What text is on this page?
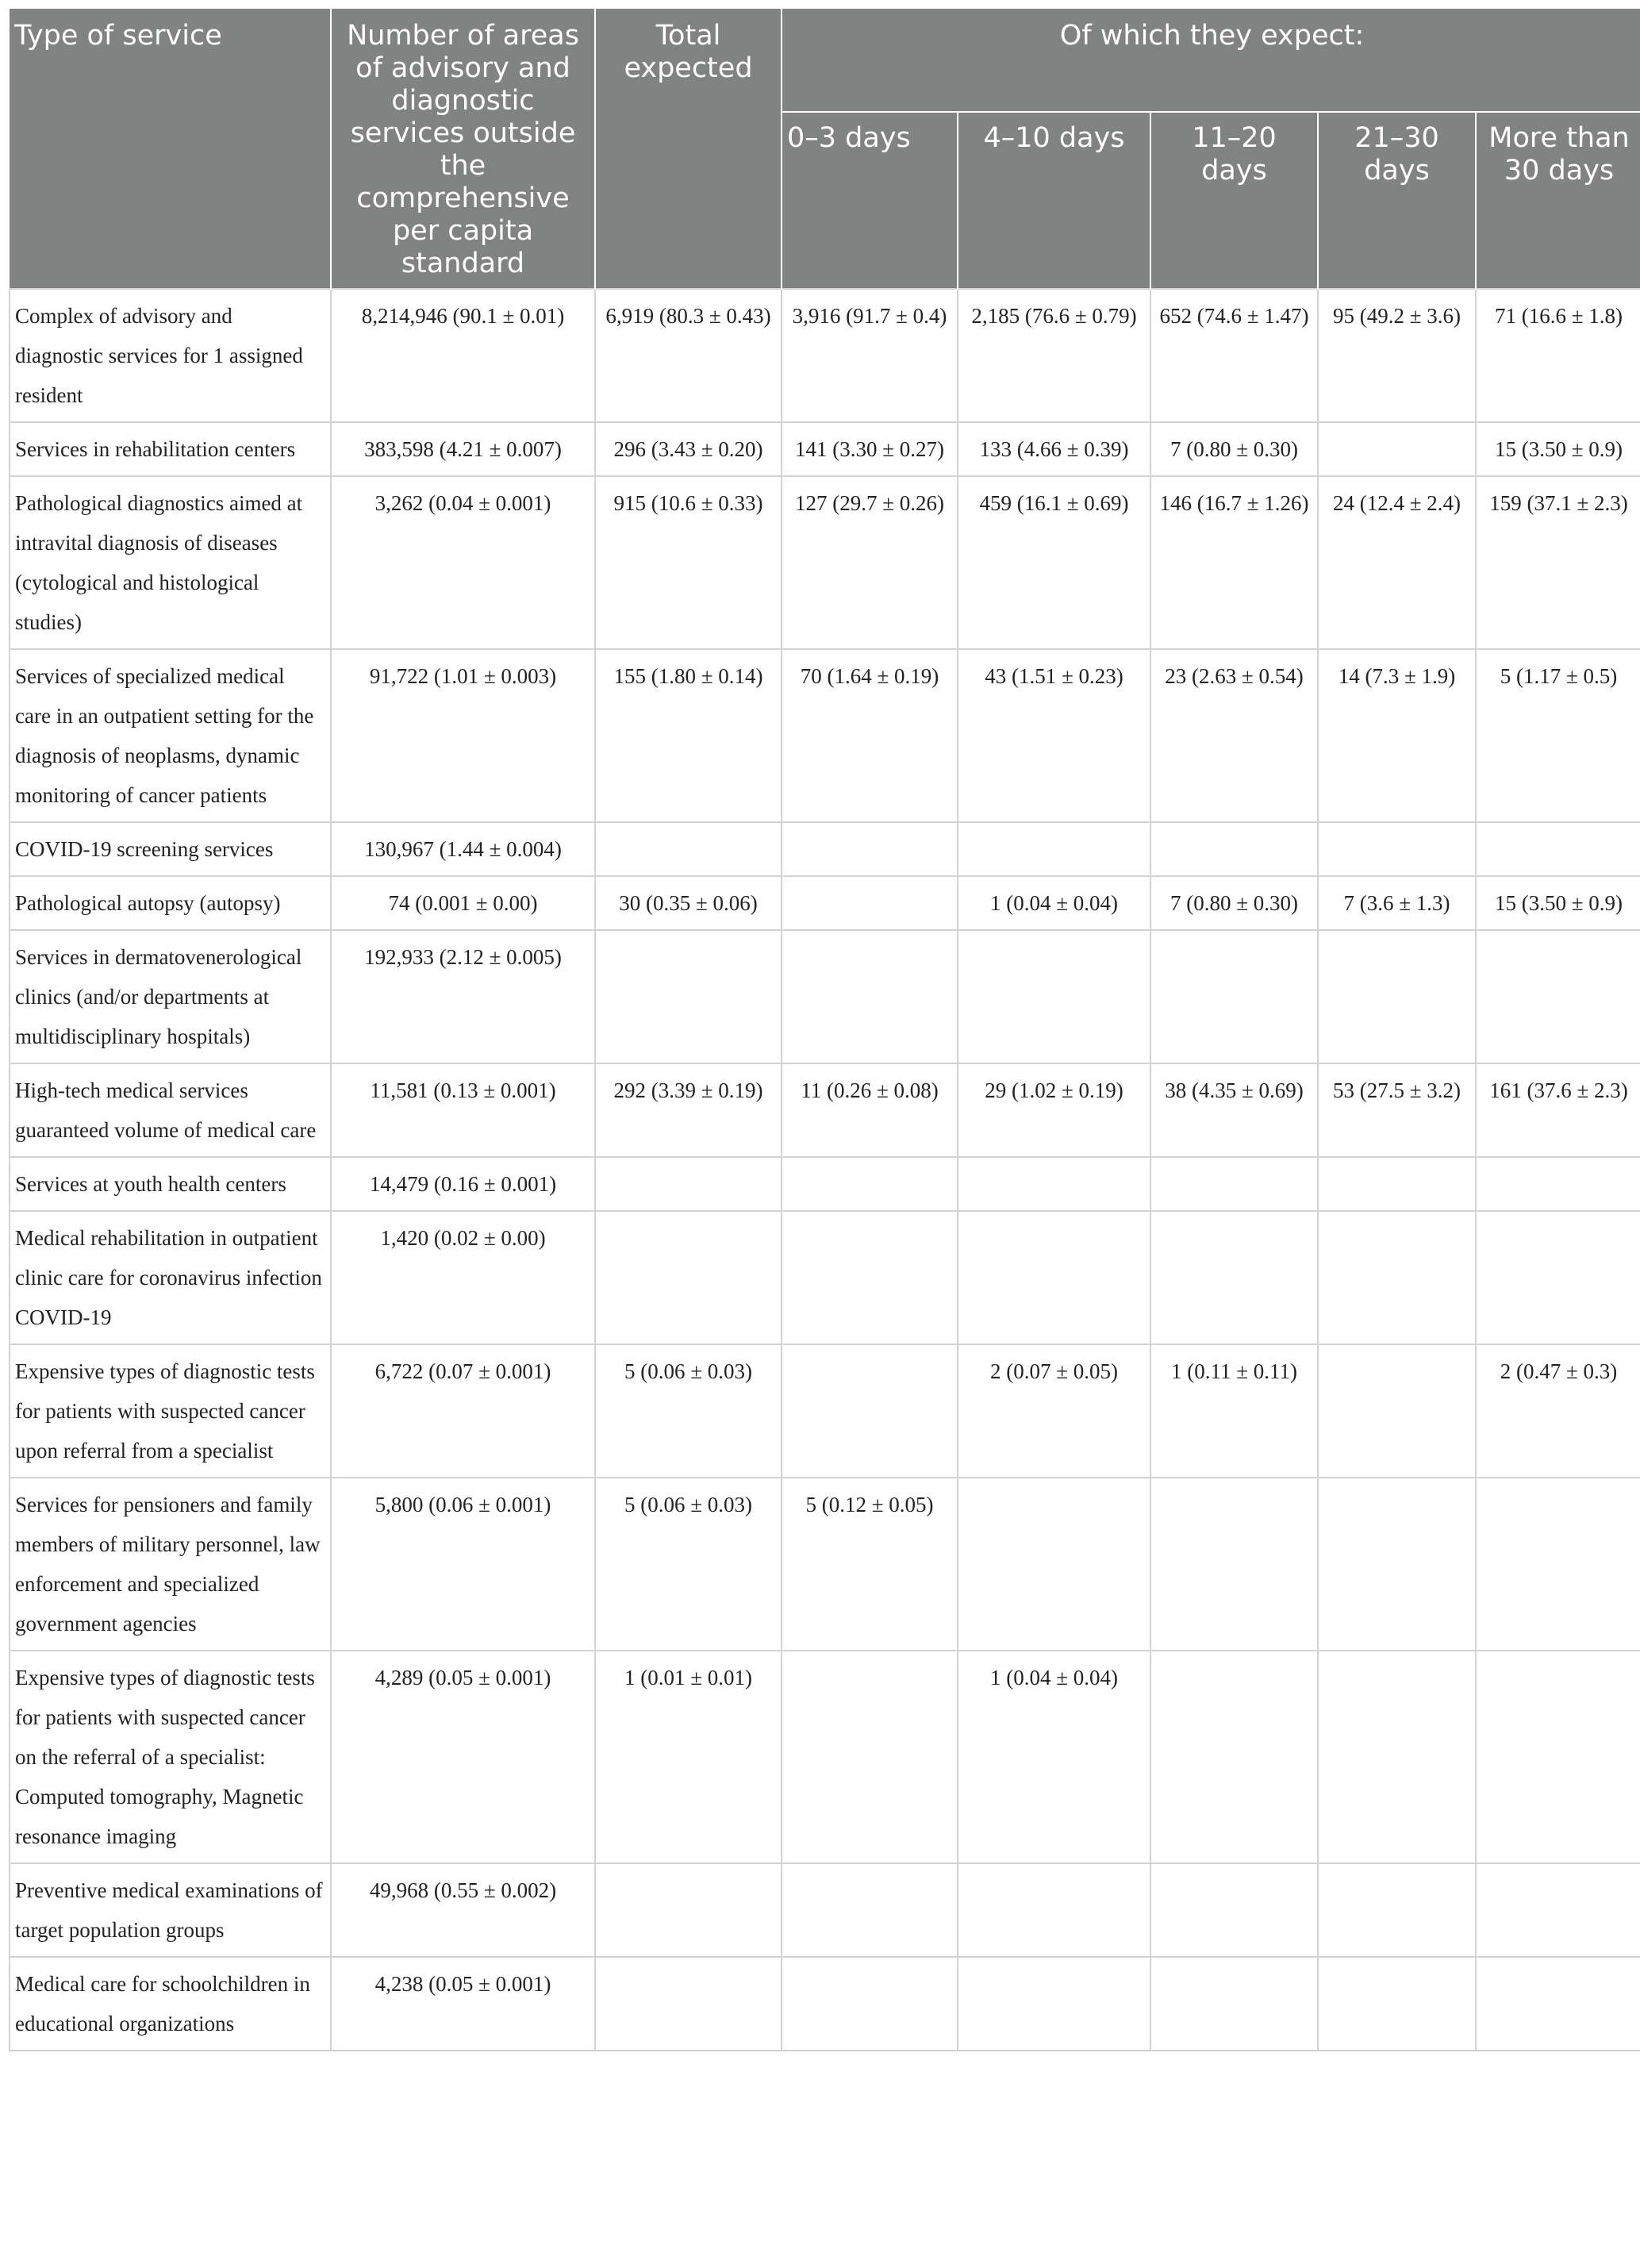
Type of service	Number of areas of advisory and diagnostic services outside the comprehensive per capita standard	Total expected	Of which they expect:				
			0–3 days	4–10 days	11–20 days	21–30 days	More than 30 days
Complex of advisory and diagnostic services for 1 assigned resident	8,214,946 (90.1 ± 0.01)	6,919 (80.3 ± 0.43)	3,916 (91.7 ± 0.4)	2,185 (76.6 ± 0.79)	652 (74.6 ± 1.47)	95 (49.2 ± 3.6)	71 (16.6 ± 1.8)
Services in rehabilitation centers	383,598 (4.21 ± 0.007)	296 (3.43 ± 0.20)	141 (3.30 ± 0.27)	133 (4.66 ± 0.39)	7 (0.80 ± 0.30)		15 (3.50 ± 0.9)
Pathological diagnostics aimed at intravital diagnosis of diseases (cytological and histological studies)	3,262 (0.04 ± 0.001)	915 (10.6 ± 0.33)	127 (29.7 ± 0.26)	459 (16.1 ± 0.69)	146 (16.7 ± 1.26)	24 (12.4 ± 2.4)	159 (37.1 ± 2.3)
Services of specialized medical care in an outpatient setting for the diagnosis of neoplasms, dynamic monitoring of cancer patients	91,722 (1.01 ± 0.003)	155 (1.80 ± 0.14)	70 (1.64 ± 0.19)	43 (1.51 ± 0.23)	23 (2.63 ± 0.54)	14 (7.3 ± 1.9)	5 (1.17 ± 0.5)
COVID-19 screening services	130,967 (1.44 ± 0.004)						
Pathological autopsy (autopsy)	74 (0.001 ± 0.00)	30 (0.35 ± 0.06)		1 (0.04 ± 0.04)	7 (0.80 ± 0.30)	7 (3.6 ± 1.3)	15 (3.50 ± 0.9)
Services in dermatovenerological clinics (and/or departments at multidisciplinary hospitals)	192,933 (2.12 ± 0.005)						
High-tech medical services guaranteed volume of medical care	11,581 (0.13 ± 0.001)	292 (3.39 ± 0.19)	11 (0.26 ± 0.08)	29 (1.02 ± 0.19)	38 (4.35 ± 0.69)	53 (27.5 ± 3.2)	161 (37.6 ± 2.3)
Services at youth health centers	14,479 (0.16 ± 0.001)						
Medical rehabilitation in outpatient clinic care for coronavirus infection COVID-19	1,420 (0.02 ± 0.00)						
Expensive types of diagnostic tests for patients with suspected cancer upon referral from a specialist	6,722 (0.07 ± 0.001)	5 (0.06 ± 0.03)		2 (0.07 ± 0.05)	1 (0.11 ± 0.11)		2 (0.47 ± 0.3)
Services for pensioners and family members of military personnel, law enforcement and specialized government agencies	5,800 (0.06 ± 0.001)	5 (0.06 ± 0.03)	5 (0.12 ± 0.05)				
Expensive types of diagnostic tests for patients with suspected cancer on the referral of a specialist: Computed tomography, Magnetic resonance imaging	4,289 (0.05 ± 0.001)	1 (0.01 ± 0.01)		1 (0.04 ± 0.04)			
Preventive medical examinations of target population groups	49,968 (0.55 ± 0.002)						
Medical care for schoolchildren in educational organizations	4,238 (0.05 ± 0.001)						
